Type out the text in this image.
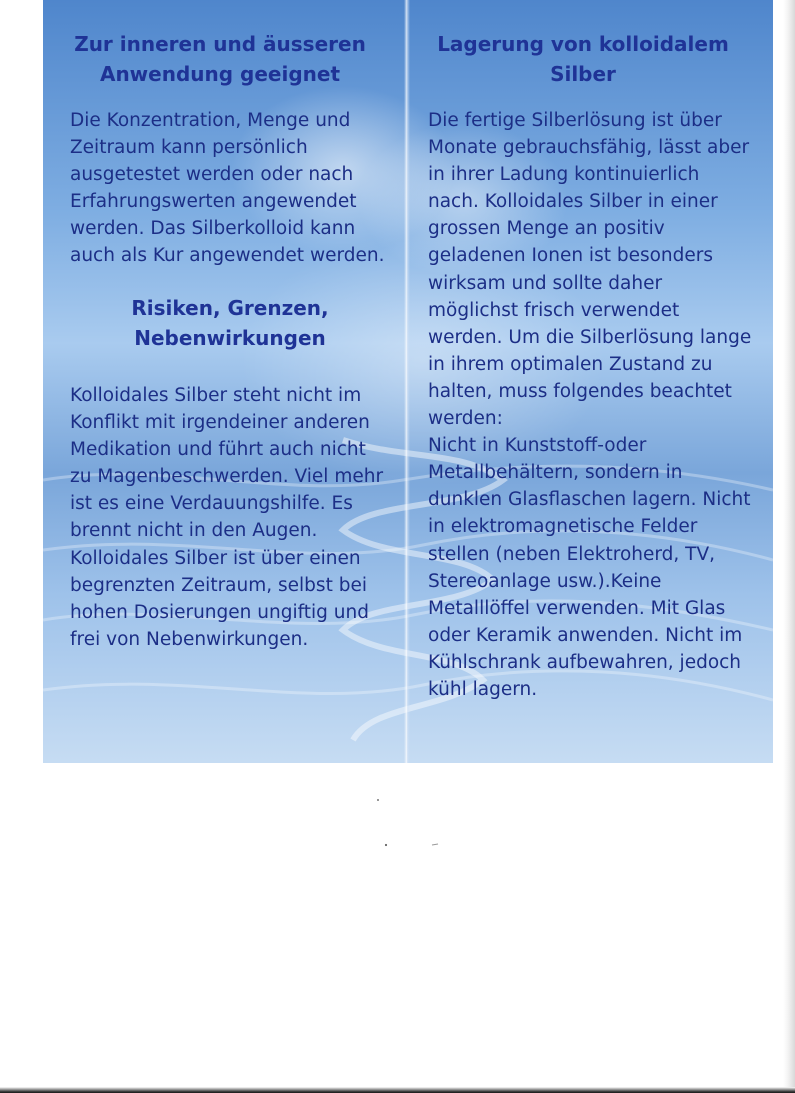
Zur inneren und äusseren
Anwendung geeignet

Die Konzentration, Menge und
Zeitraum kann persönlich
ausgetestet werden oder nach
Erfahrungswerten angewendet
werden. Das Silberkolloid kann
auch als Kur angewendet werden.

Risiken, Grenzen,
Nebenwirkungen

Kolloidales Silber steht nicht im
Konflikt mit irgendeiner anderen
Medikation und führt auch nicht
zu Magenbeschwerden. Viel mehr
ist es eine Verdauungshilfe. Es
brennt nicht in den Augen.
Kolloidales Silber ist über einen
begrenzten Zeitraum, selbst bei
hohen Dosierungen ungiftig und
frei von Nebenwirkungen.

Lagerung von kolloidalem
Silber

Die fertige Silberlösung ist über
Monate gebrauchsfähig, lässt aber
in ihrer Ladung kontinuierlich
nach. Kolloidales Silber in einer
grossen Menge an positiv
geladenen Ionen ist besonders
wirksam und sollte daher
möglichst frisch verwendet
werden. Um die Silberlösung lange
in ihrem optimalen Zustand zu
halten, muss folgendes beachtet
werden:
Nicht in Kunststoff-oder
Metallbehältern, sondern in
dunklen Glasflaschen lagern. Nicht
in elektromagnetische Felder
stellen (neben Elektroherd, TV,
Stereoanlage usw.).Keine
Metalllöffel verwenden. Mit Glas
oder Keramik anwenden. Nicht im
Kühlschrank aufbewahren, jedoch
kühl lagern.
